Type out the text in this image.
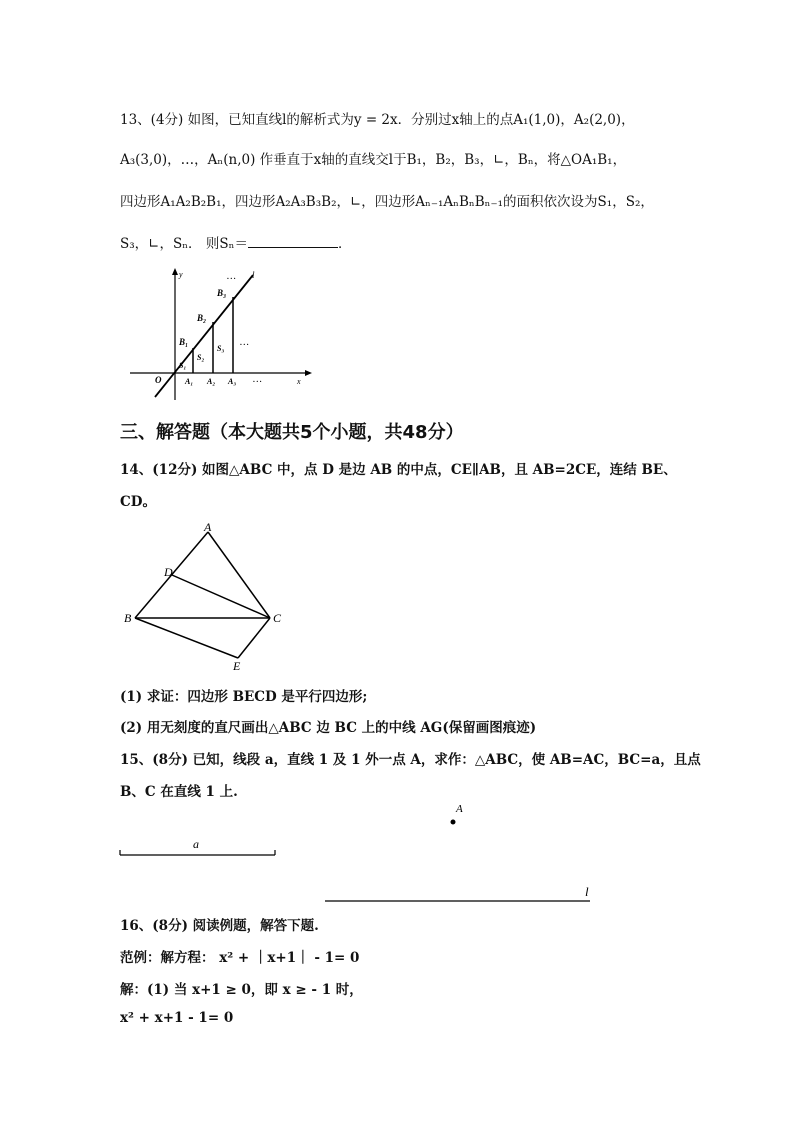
13、(4分) 如图，已知直线l的解析式为y = 2x．分别过x轴上的点A₁(1,0)，A₂(2,0)，
A₃(3,0)，…，Aₙ(n,0) 作垂直于x轴的直线交l于B₁，B₂，B₃，∟，Bₙ，将△OA₁B₁，
四边形A₁A₂B₂B₁，四边形A₂A₃B₃B₂，∟，四边形Aₙ₋₁AₙBₙBₙ₋₁的面积依次设为S₁，S₂，
S₃，∟，Sₙ． 则Sₙ＝	．
y	… l
B₃
B₂
B₁
S₃
S₂
S₁
…
O	A₁ A₂ A₃ …	x
三、解答题（本大题共5个小题，共48分）
14、(12分) 如图△ABC 中，点 D 是边 AB 的中点，CE∥AB，且 AB=2CE，连结 BE、
CD。
A
D
B	C
E
(1) 求证：四边形 BECD 是平行四边形;
(2) 用无刻度的直尺画出△ABC 边 BC 上的中线 AG(保留画图痕迹)
15、(8分) 已知，线段 a，直线 1 及 1 外一点 A，求作：△ABC，使 AB=AC，BC=a，且点
B、C 在直线 1 上.
A
a
l
16、(8分) 阅读例题，解答下题.
范例：解方程： x² + ｜x+1｜ - 1= 0
解：(1) 当 x+1 ≥ 0，即 x ≥ - 1 时，
x² + x+1 - 1= 0
